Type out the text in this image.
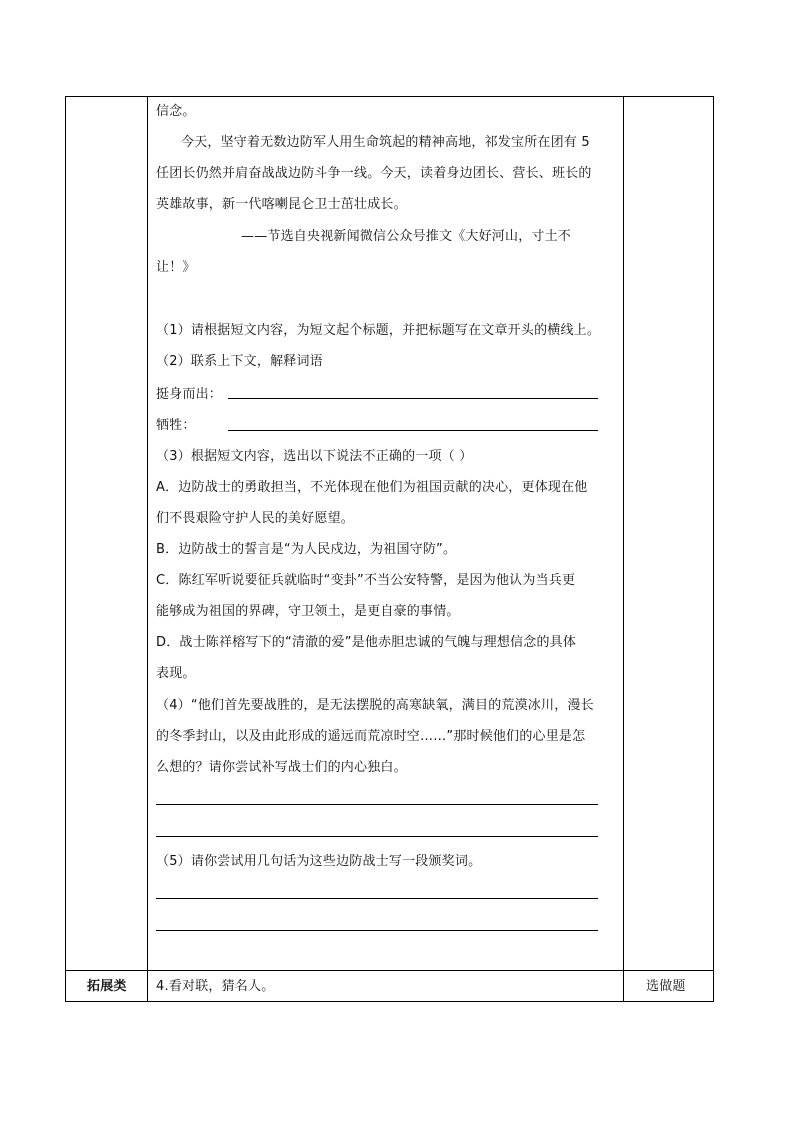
信念。
今天，坚守着无数边防军人用生命筑起的精神高地，祁发宝所在团有 5
任团长仍然并肩奋战战边防斗争一线。今天，读着身边团长、营长、班长的
英雄故事，新一代喀喇昆仑卫士茁壮成长。
——节选自央视新闻微信公众号推文《大好河山，寸土不
让！》
（1）请根据短文内容，为短文起个标题，并把标题写在文章开头的横线上。
（2）联系上下文，解释词语
挺身而出：
牺牲：
（3）根据短文内容，选出以下说法不正确的一项（ ）
A．边防战士的勇敢担当，不光体现在他们为祖国贡献的决心，更体现在他
们不畏艰险守护人民的美好愿望。
B．边防战士的誓言是“为人民戍边，为祖国守防”。
C．陈红军听说要征兵就临时“变卦”不当公安特警，是因为他认为当兵更
能够成为祖国的界碑，守卫领土，是更自豪的事情。
D．战士陈祥榕写下的“清澈的爱”是他赤胆忠诚的气魄与理想信念的具体
表现。
（4）“他们首先要战胜的，是无法摆脱的高寒缺氧，满目的荒漠冰川，漫长
的冬季封山，以及由此形成的遥远而荒凉时空……”那时候他们的心里是怎
么想的？请你尝试补写战士们的内心独白。
（5）请你尝试用几句话为这些边防战士写一段颁奖词。
拓展类 4.看对联，猜名人。	选做题
